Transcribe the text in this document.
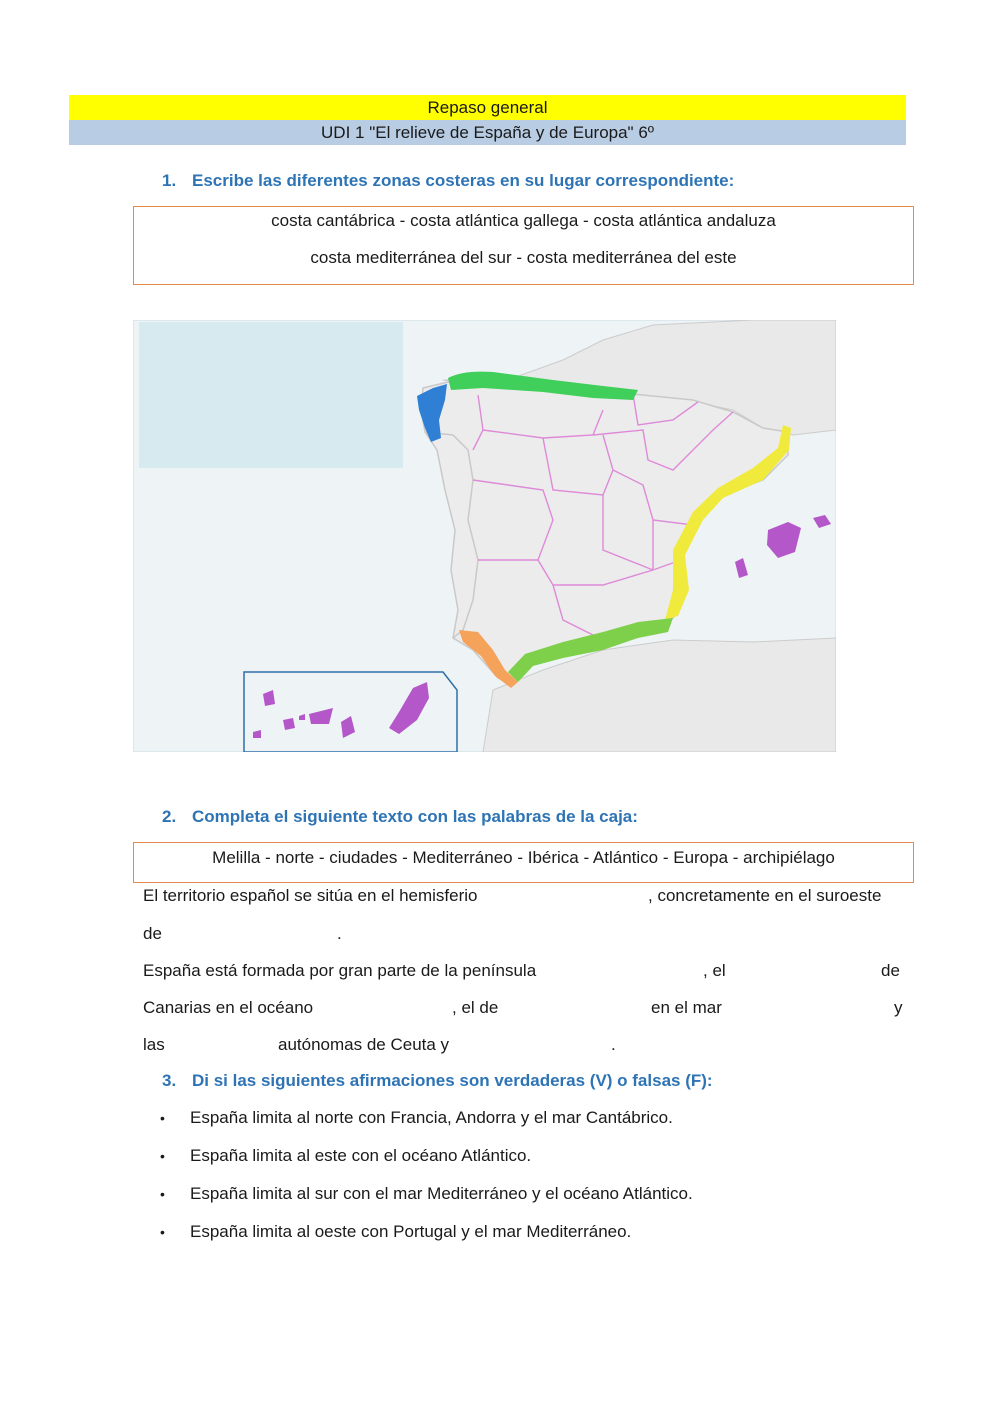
Repaso general
UDI 1 "El relieve de España y de Europa" 6º
1. Escribe las diferentes zonas costeras en su lugar correspondiente:
costa cantábrica - costa atlántica gallega - costa atlántica andaluza
costa mediterránea del sur - costa mediterránea del este
2. Completa el siguiente texto con las palabras de la caja:
Melilla - norte - ciudades - Mediterráneo - Ibérica - Atlántico - Europa - archipiélago
El territorio español se sitúa en el hemisferio	, concretamente en el suroeste
de	.
España está formada por gran parte de la península	, el	de
Canarias en el océano	, el de	en el mar	y
las	autónomas de Ceuta y	.
3. Di si las siguientes afirmaciones son verdaderas (V) o falsas (F):
• España limita al norte con Francia, Andorra y el mar Cantábrico.
• España limita al este con el océano Atlántico.
• España limita al sur con el mar Mediterráneo y el océano Atlántico.
• España limita al oeste con Portugal y el mar Mediterráneo.
